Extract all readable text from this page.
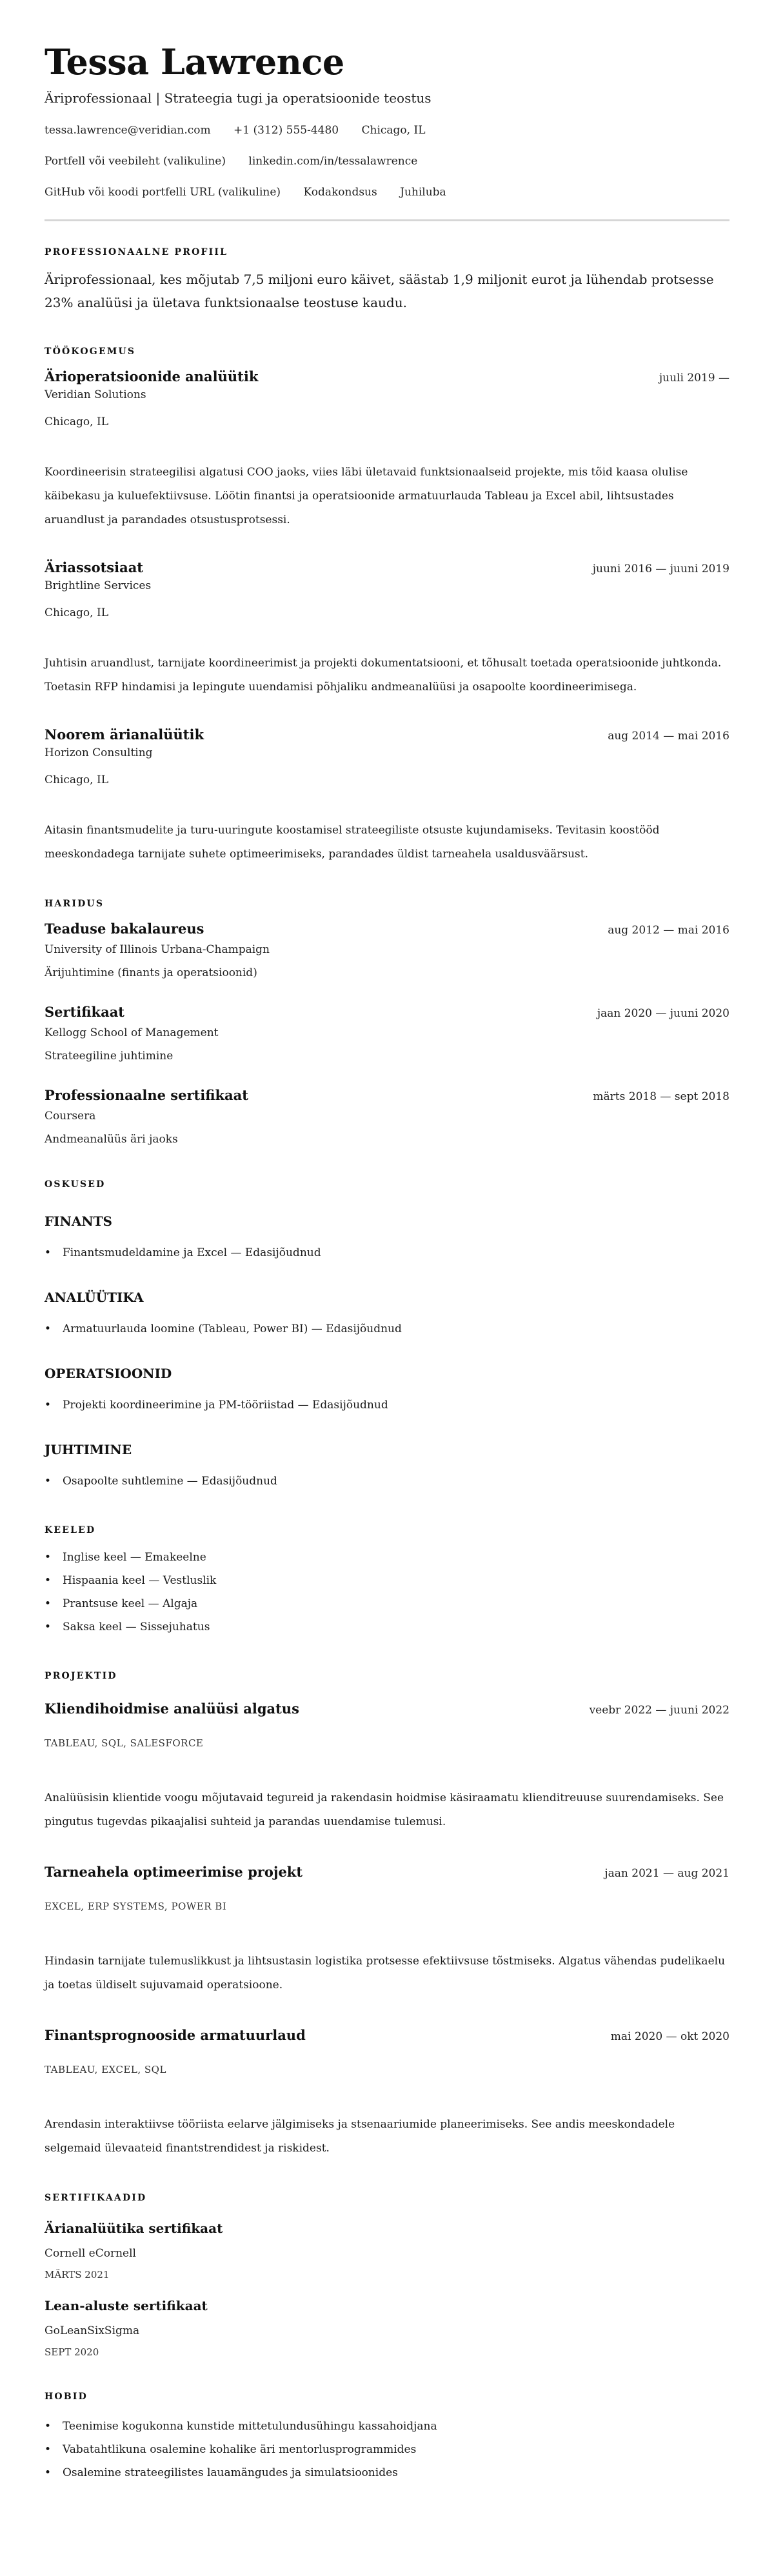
Tessa Lawrence
Äriprofessionaal | Strateegia tugi ja operatsioonide teostus
tessa.lawrence@veridian.com +1 (312) 555-4480 Chicago, IL
Portfell või veebileht (valikuline) linkedin.com/in/tessalawrence
GitHub või koodi portfelli URL (valikuline) Kodakondsus Juhiluba
PROFESSIONAALNE PROFIIL

Äriprofessionaal, kes mõjutab 7,5 miljoni euro käivet, säästab 1,9 miljonit eurot ja lühendab protsesse 23% analüüsi ja ületava funktsionaalse teostuse kaudu.

TÖÖKOGEMUS
Ärioperatsioonide analüütik	juuli 2019 —
Veridian Solutions
Chicago, IL

Koordineerisin strateegilisi algatusi COO jaoks, viies läbi ületavaid funktsionaalseid projekte, mis tõid kaasa olulise käibekasu ja kuluefektiivsuse. Löötin finantsi ja operatsioonide armatuurlauda Tableau ja Excel abil, lihtsustades aruandlust ja parandades otsustusprotsessi.

Äriassotsiaat	juuni 2016 — juuni 2019
Brightline Services
Chicago, IL

Juhtisin aruandlust, tarnijate koordineerimist ja projekti dokumentatsiooni, et tõhusalt toetada operatsioonide juhtkonda. Toetasin RFP hindamisi ja lepingute uuendamisi põhjaliku andmeanalüüsi ja osapoolte koordineerimisega.

Noorem ärianalüütik	aug 2014 — mai 2016
Horizon Consulting
Chicago, IL

Aitasin finantsmudelite ja turu-uuringute koostamisel strateegiliste otsuste kujundamiseks. Tevitasin koostööd meeskondadega tarnijate suhete optimeerimiseks, parandades üldist tarneahela usaldusväärsust.

HARIDUS
Teaduse bakalaureus	aug 2012 — mai 2016
University of Illinois Urbana-Champaign
Ärijuhtimine (finants ja operatsioonid)
Sertifikaat	jaan 2020 — juuni 2020
Kellogg School of Management
Strateegiline juhtimine
Professionaalne sertifikaat	märts 2018 — sept 2018
Coursera
Andmeanalüüs äri jaoks
OSKUSED
FINANTS
• Finantsmudeldamine ja Excel — Edasijõudnud
ANALÜÜTIKA
• Armatuurlauda loomine (Tableau, Power BI) — Edasijõudnud
OPERATSIOONID
• Projekti koordineerimine ja PM-tööriistad — Edasijõudnud
JUHTIMINE
• Osapoolte suhtlemine — Edasijõudnud
KEELED
• Inglise keel — Emakeelne
• Hispaania keel — Vestluslik
• Prantsuse keel — Algaja
• Saksa keel — Sissejuhatus
PROJEKTID
Kliendihoidmise analüüsi algatus	veebr 2022 — juuni 2022
TABLEAU, SQL, SALESFORCE

Analüüsisin klientide voogu mõjutavaid tegureid ja rakendasin hoidmise käsiraamatu klienditreuuse suurendamiseks. See pingutus tugevdas pikaajalisi suhteid ja parandas uuendamise tulemusi.

Tarneahela optimeerimise projekt	jaan 2021 — aug 2021
EXCEL, ERP SYSTEMS, POWER BI

Hindasin tarnijate tulemuslikkust ja lihtsustasin logistika protsesse efektiivsuse tõstmiseks. Algatus vähendas pudelikaelu ja toetas üldiselt sujuvamaid operatsioone.

Finantsprognooside armatuurlaud	mai 2020 — okt 2020
TABLEAU, EXCEL, SQL

Arendasin interaktiivse tööriista eelarve jälgimiseks ja stsenaariumide planeerimiseks. See andis meeskondadele selgemaid ülevaateid finantstrendidest ja riskidest.

SERTIFIKAADID
Ärianalüütika sertifikaat
Cornell eCornell
MÄRTS 2021
Lean-aluste sertifikaat
GoLeanSixSigma
SEPT 2020
HOBID
• Teenimise kogukonna kunstide mittetulundusühingu kassahoidjana
• Vabatahtlikuna osalemine kohalike äri mentorlusprogrammides
• Osalemine strateegilistes lauamängudes ja simulatsioonides
